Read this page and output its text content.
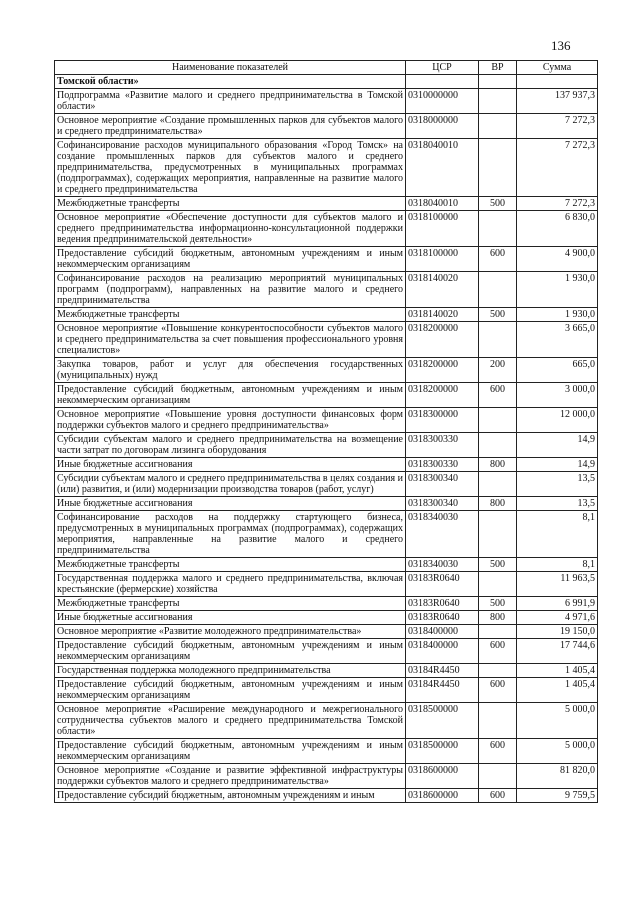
136
Наименование показателей	ЦСР	ВР	Сумма
Томской области»			
Подпрограмма «Развитие малого и среднего предпринимательства в Томской области»	0310000000		137 937,3
Основное мероприятие «Создание промышленных парков для субъектов малого и среднего предпринимательства»	0318000000		7 272,3
Софинансирование расходов муниципального образования «Город Томск» на создание промышленных парков для субъектов малого и среднего предпринимательства, предусмотренных в муниципальных программах (подпрограммах), содержащих мероприятия, направленные на развитие малого и среднего предпринимательства	0318040010		7 272,3
Межбюджетные трансферты	0318040010	500	7 272,3
Основное мероприятие «Обеспечение доступности для субъектов малого и среднего предпринимательства информационно-консультационной поддержки ведения предпринимательской деятельности»	0318100000		6 830,0
Предоставление субсидий бюджетным, автономным учреждениям и иным некоммерческим организациям	0318100000	600	4 900,0
Софинансирование расходов на реализацию мероприятий муниципальных программ (подпрограмм), направленных на развитие малого и среднего предпринимательства	0318140020		1 930,0
Межбюджетные трансферты	0318140020	500	1 930,0
Основное мероприятие «Повышение конкурентоспособности субъектов малого и среднего предпринимательства за счет повышения профессионального уровня специалистов»	0318200000		3 665,0
Закупка товаров, работ и услуг для обеспечения государственных (муниципальных) нужд	0318200000	200	665,0
Предоставление субсидий бюджетным, автономным учреждениям и иным некоммерческим организациям	0318200000	600	3 000,0
Основное мероприятие «Повышение уровня доступности финансовых форм поддержки субъектов малого и среднего предпринимательства»	0318300000		12 000,0
Субсидии субъектам малого и среднего предпринимательства на возмещение части затрат по договорам лизинга оборудования	0318300330		14,9
Иные бюджетные ассигнования	0318300330	800	14,9
Субсидии субъектам малого и среднего предпринимательства в целях создания и (или) развития, и (или) модернизации производства товаров (работ, услуг)	0318300340		13,5
Иные бюджетные ассигнования	0318300340	800	13,5
Софинансирование расходов на поддержку стартующего бизнеса, предусмотренных в муниципальных программах (подпрограммах), содержащих мероприятия, направленные на развитие малого и среднего предпринимательства	0318340030		8,1
Межбюджетные трансферты	0318340030	500	8,1
Государственная поддержка малого и среднего предпринимательства, включая крестьянские (фермерские) хозяйства	03183R0640		11 963,5
Межбюджетные трансферты	03183R0640	500	6 991,9
Иные бюджетные ассигнования	03183R0640	800	4 971,6
Основное мероприятие «Развитие молодежного предпринимательства»	0318400000		19 150,0
Предоставление субсидий бюджетным, автономным учреждениям и иным некоммерческим организациям	0318400000	600	17 744,6
Государственная поддержка молодежного предпринимательства	03184R4450		1 405,4
Предоставление субсидий бюджетным, автономным учреждениям и иным некоммерческим организациям	03184R4450	600	1 405,4
Основное мероприятие «Расширение международного и межрегионального сотрудничества субъектов малого и среднего предпринимательства Томской области»	0318500000		5 000,0
Предоставление субсидий бюджетным, автономным учреждениям и иным некоммерческим организациям	0318500000	600	5 000,0
Основное мероприятие «Создание и развитие эффективной инфраструктуры поддержки субъектов малого и среднего предпринимательства»	0318600000		81 820,0
Предоставление субсидий бюджетным, автономным учреждениям и иным	0318600000	600	9 759,5
